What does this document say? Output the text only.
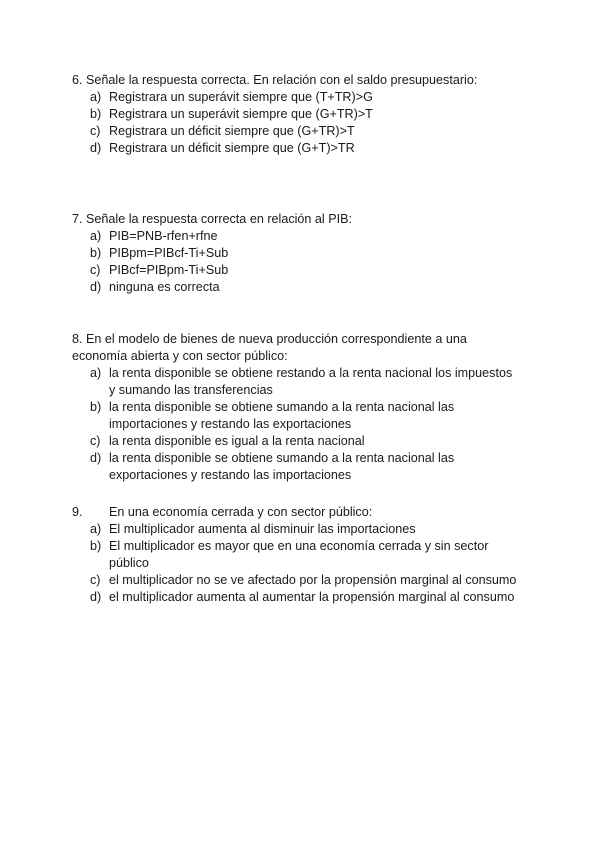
6. Señale la respuesta correcta. En relación con el saldo presupuestario:

a) Registrara un superávit siempre que (T+TR)>G
b) Registrara un superávit siempre que (G+TR)>T
c) Registrara un déficit siempre que (G+TR)>T
d) Registrara un déficit siempre que (G+T)>TR

7. Señale la respuesta correcta en relación al PIB:

a) PIB=PNB-rfen+rfne
b) PIBpm=PIBcf-Ti+Sub
c) PIBcf=PIBpm-Ti+Sub
d) ninguna es correcta

8. En el modelo de bienes de nueva producción correspondiente a una economía abierta y con sector público:

a) la renta disponible se obtiene restando a la renta nacional los impuestos y sumando las transferencias
b) la renta disponible se obtiene sumando a la renta nacional las importaciones y restando las exportaciones
c) la renta disponible es igual a la renta nacional
d) la renta disponible se obtiene sumando a la renta nacional las exportaciones y restando las importaciones

9. En una economía cerrada y con sector público:

a) El multiplicador aumenta al disminuir las importaciones
b) El multiplicador es mayor que en una economía cerrada y sin sector público
c) el multiplicador no se ve afectado por la propensión marginal al consumo
d) el multiplicador aumenta al aumentar la propensión marginal al consumo
